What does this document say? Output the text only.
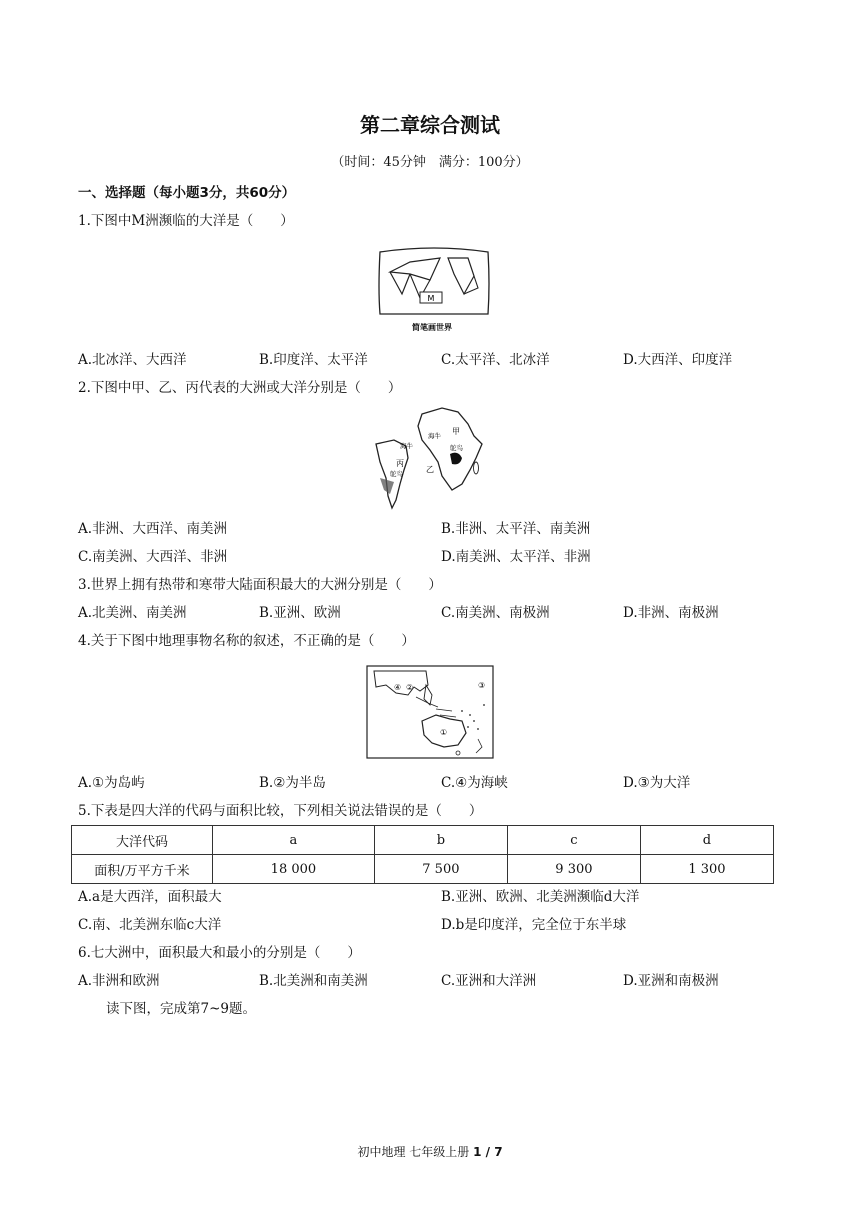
第二章综合测试
（时间：45分钟　满分：100分）
一、选择题（每小题3分，共60分）
1.下图中M洲濒临的大洋是（　　）
M
简笔画世界
A.北冰洋、大西洋	B.印度洋、太平洋	C.太平洋、北冰洋	D.大西洋、印度洋
2.下图中甲、乙、丙代表的大洲或大洋分别是（　　）
甲
乙
丙
海牛
海牛	鸵鸟
鸵鸟
A.非洲、大西洋、南美洲	B.非洲、太平洋、南美洲
C.南美洲、大西洋、非洲	D.南美洲、太平洋、非洲
3.世界上拥有热带和寒带大陆面积最大的大洲分别是（　　）
A.北美洲、南美洲	B.亚洲、欧洲	C.南美洲、南极洲	D.非洲、南极洲
4.关于下图中地理事物名称的叙述，不正确的是（　　）
④ ②	③
①
A.①为岛屿	B.②为半岛	C.④为海峡	D.③为大洋
5.下表是四大洋的代码与面积比较，下列相关说法错误的是（　　）
大洋代码	a	b	c	d
面积/万平方千米	18 000	7 500	9 300	1 300
A.a是大西洋，面积最大	B.亚洲、欧洲、北美洲濒临d大洋
C.南、北美洲东临c大洋	D.b是印度洋，完全位于东半球
6.七大洲中，面积最大和最小的分别是（　　）
A.非洲和欧洲	B.北美洲和南美洲	C.亚洲和大洋洲	D.亚洲和南极洲
读下图，完成第7~9题。
初中地理 七年级上册 1 / 7
